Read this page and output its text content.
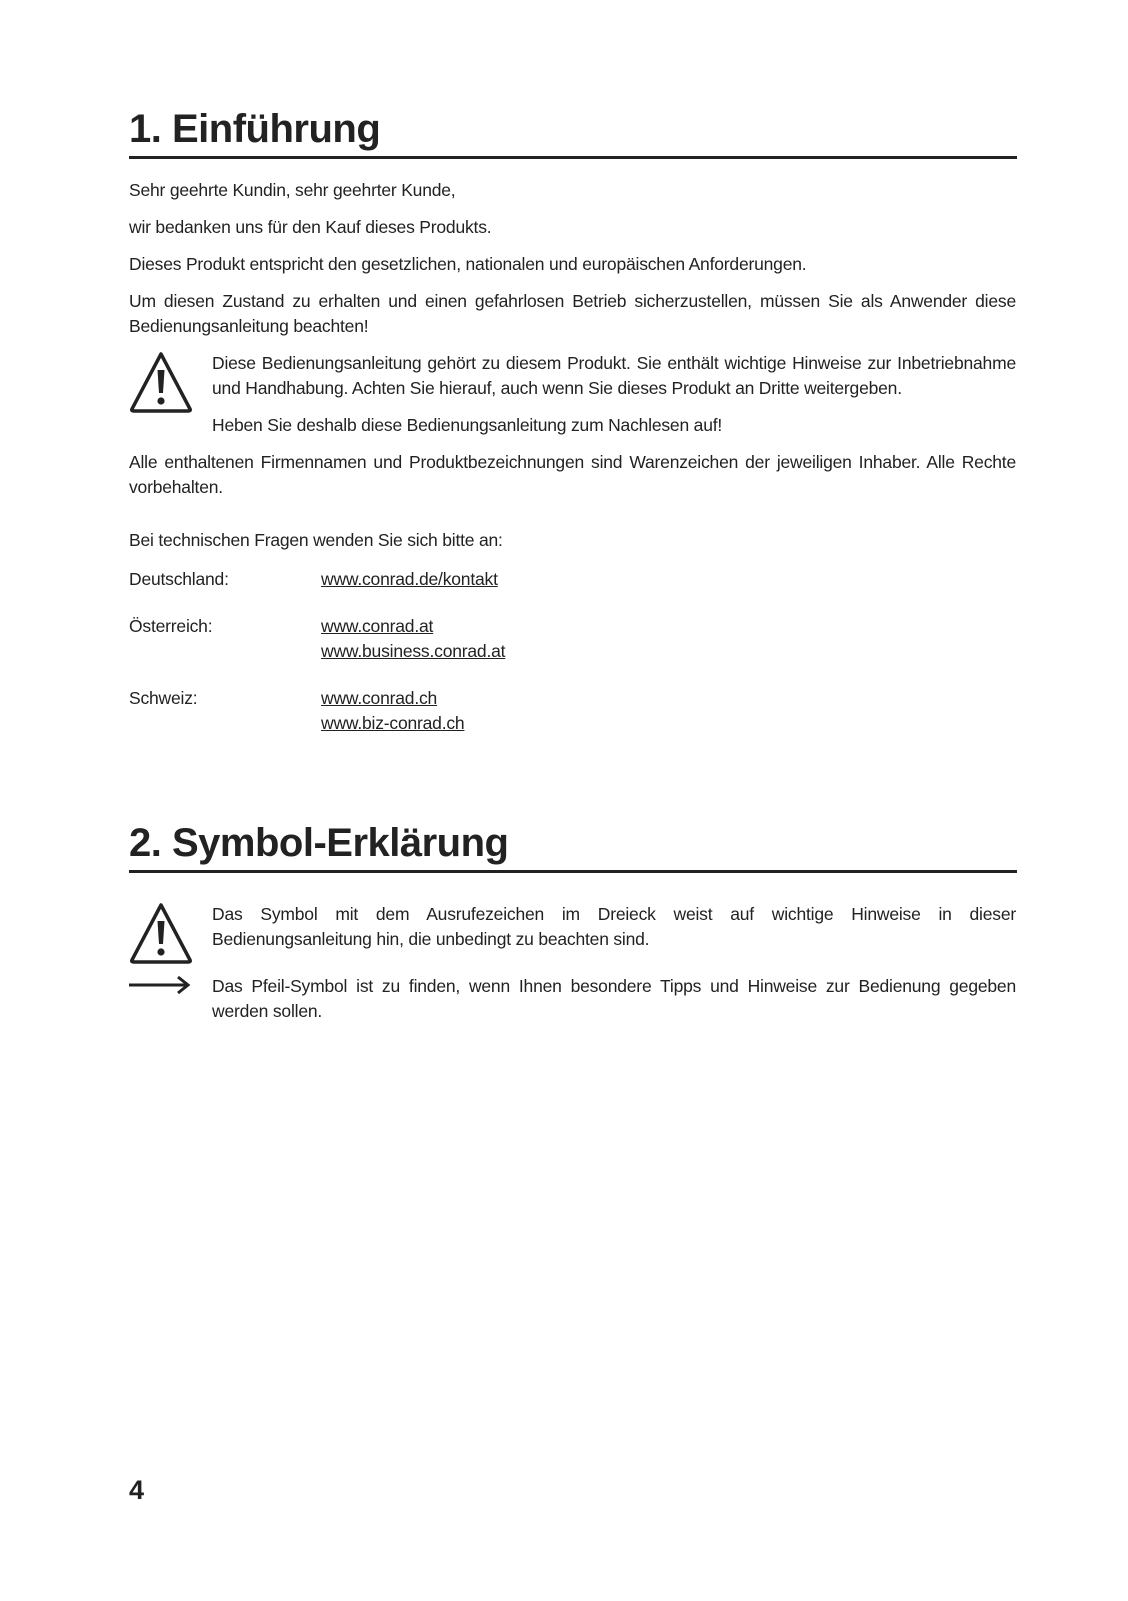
1. Einführung

Sehr geehrte Kundin, sehr geehrter Kunde,

wir bedanken uns für den Kauf dieses Produkts.

Dieses Produkt entspricht den gesetzlichen, nationalen und europäischen Anforderungen.

Um diesen Zustand zu erhalten und einen gefahrlosen Betrieb sicherzustellen, müssen Sie als Anwender diese Bedienungsanleitung beachten!

Diese Bedienungsanleitung gehört zu diesem Produkt. Sie enthält wichtige Hinweise zur Inbetriebnahme und Handhabung. Achten Sie hierauf, auch wenn Sie dieses Produkt an Dritte weitergeben.

Heben Sie deshalb diese Bedienungsanleitung zum Nachlesen auf!

Alle enthaltenen Firmennamen und Produktbezeichnungen sind Warenzeichen der jeweiligen Inhaber. Alle Rechte vorbehalten.

Bei technischen Fragen wenden Sie sich bitte an:

Deutschland:	www.conrad.de/kontakt
Österreich:	www.conrad.at
www.business.conrad.at
Schweiz:	www.conrad.ch
www.biz-conrad.ch
2. Symbol-Erklärung

Das Symbol mit dem Ausrufezeichen im Dreieck weist auf wichtige Hinweise in dieser Bedienungsanleitung hin, die unbedingt zu beachten sind.

Das Pfeil-Symbol ist zu finden, wenn Ihnen besondere Tipps und Hinweise zur Bedienung gegeben werden sollen.

4
